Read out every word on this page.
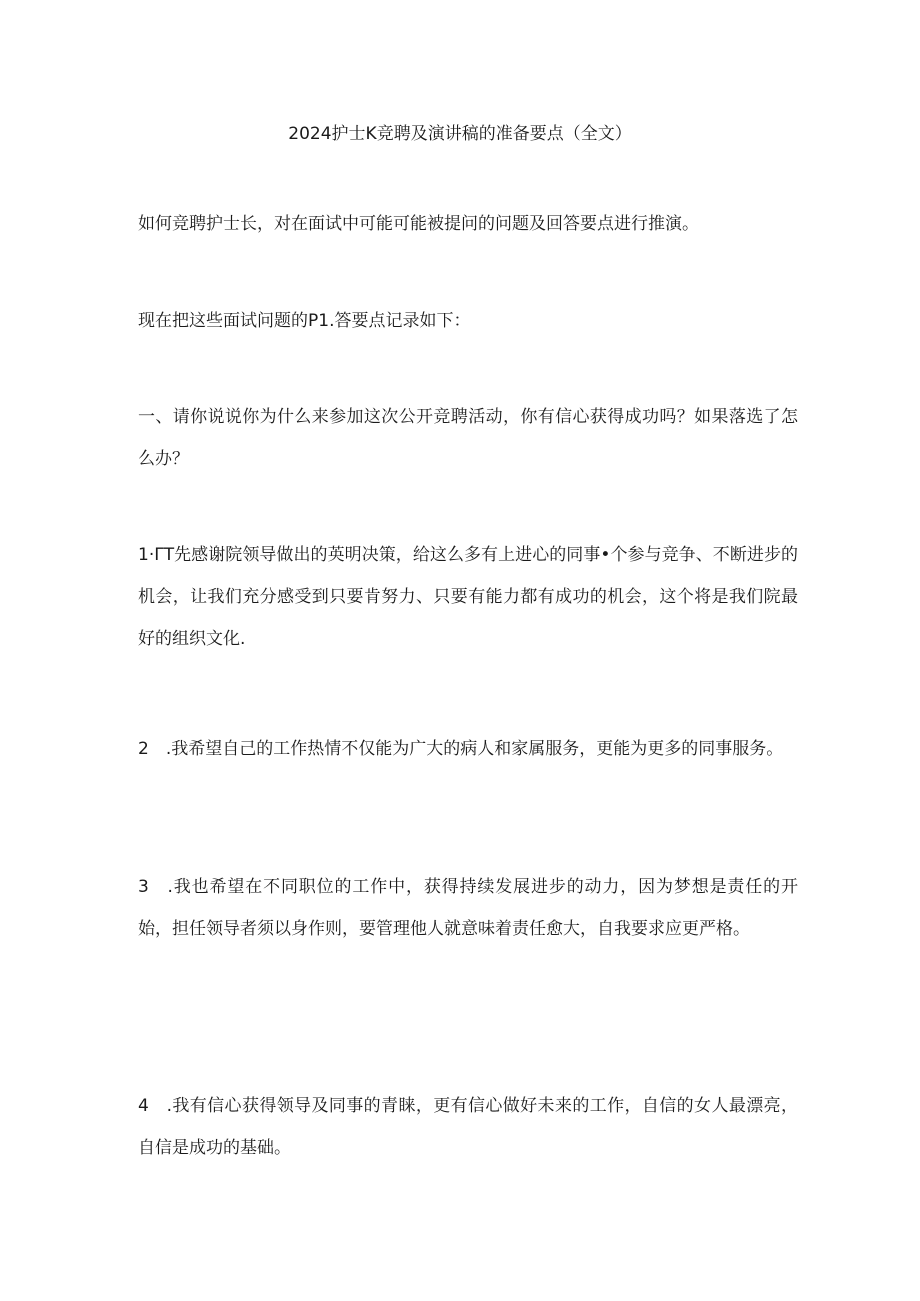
2024护士K竞聘及演讲稿的准备要点（全文）

如何竞聘护士长，对在面试中可能可能被提问的问题及回答要点进行推演。

现在把这些面试问题的P1.答要点记录如下：

一、请你说说你为什么来参加这次公开竞聘活动，你有信心获得成功吗？如果落选了怎么办？

1·ΓT先感谢院领导做出的英明决策，给这么多有上进心的同事•个参与竞争、不断进步的机会，让我们充分感受到只要肯努力、只要有能力都有成功的机会，这个将是我们院最好的组织文化.

2　.我希望自己的工作热情不仅能为广大的病人和家属服务，更能为更多的同事服务。

3　.我也希望在不同职位的工作中，获得持续发展进步的动力，因为梦想是责任的开始，担任领导者须以身作则，要管理他人就意味着责任愈大，自我要求应更严格。

4　.我有信心获得领导及同事的青睐，更有信心做好未来的工作，自信的女人最漂亮，自信是成功的基础。
